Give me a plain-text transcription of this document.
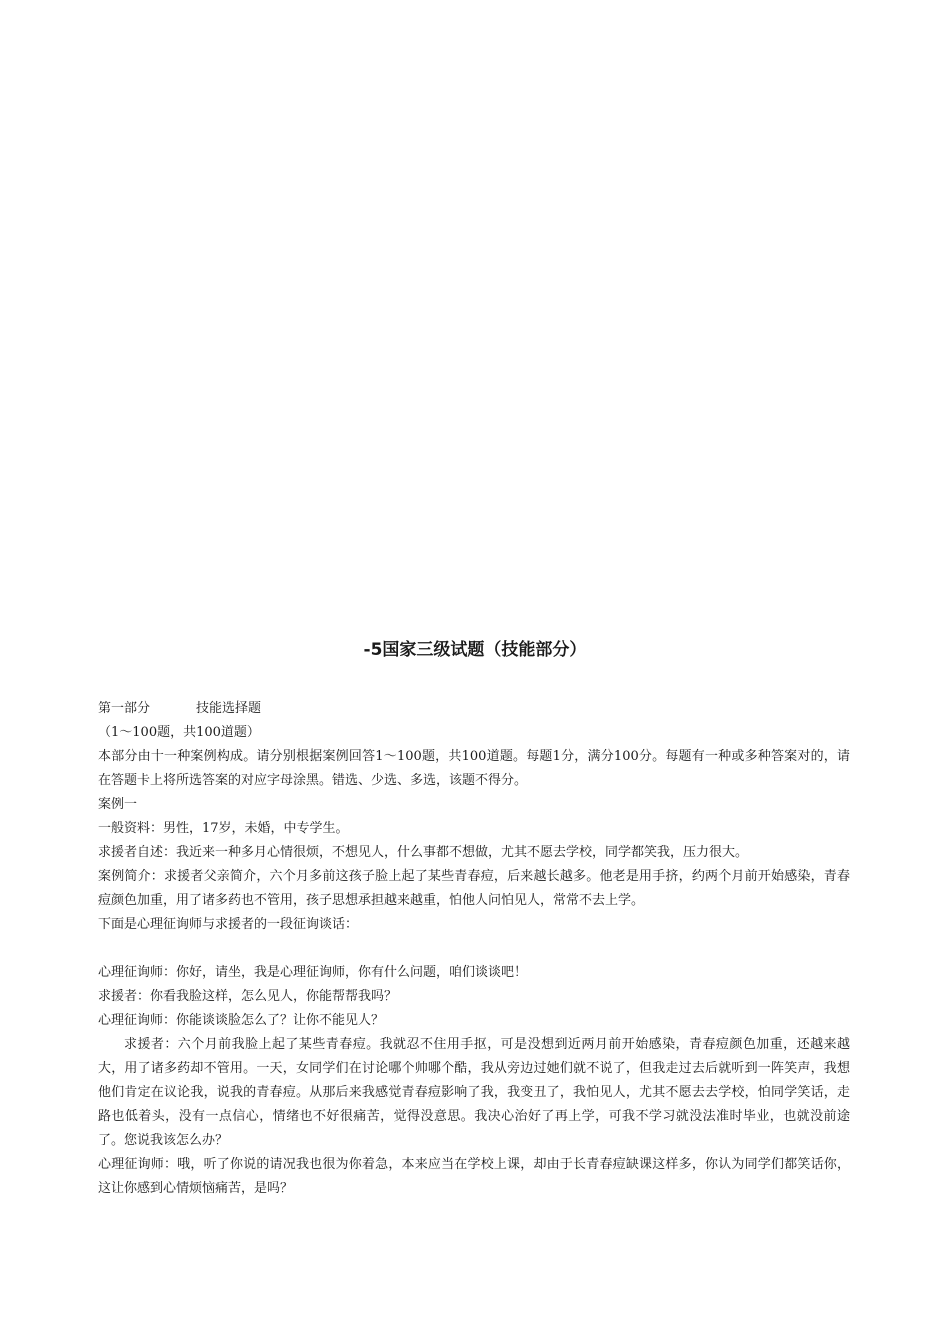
-5国家三级试题（技能部分）

第一部分	技能选择题

（1～100题，共100道题）

本部分由十一种案例构成。请分别根据案例回答1～100题，共100道题。每题1分，满分100分。每题有一种或多种答案对的，请在答题卡上将所选答案的对应字母涂黑。错选、少选、多选，该题不得分。

案例一

一般资料：男性，17岁，未婚，中专学生。

求援者自述：我近来一种多月心情很烦，不想见人，什么事都不想做，尤其不愿去学校，同学都笑我，压力很大。

案例简介：求援者父亲简介，六个月多前这孩子脸上起了某些青春痘，后来越长越多。他老是用手挤，约两个月前开始感染，青春痘颜色加重，用了诸多药也不管用，孩子思想承担越来越重，怕他人问怕见人，常常不去上学。

下面是心理征询师与求援者的一段征询谈话：

心理征询师：你好，请坐，我是心理征询师，你有什么问题，咱们谈谈吧！

求援者：你看我脸这样，怎么见人，你能帮帮我吗？

心理征询师：你能谈谈脸怎么了？让你不能见人？

求援者：六个月前我脸上起了某些青春痘。我就忍不住用手抠，可是没想到近两月前开始感染，青春痘颜色加重，还越来越大，用了诸多药却不管用。一天，女同学们在讨论哪个帅哪个酷，我从旁边过她们就不说了，但我走过去后就听到一阵笑声，我想他们肯定在议论我，说我的青春痘。从那后来我感觉青春痘影响了我，我变丑了，我怕见人，尤其不愿去去学校，怕同学笑话，走路也低着头，没有一点信心，情绪也不好很痛苦，觉得没意思。我决心治好了再上学，可我不学习就没法准时毕业，也就没前途了。您说我该怎么办？

心理征询师：哦，听了你说的请况我也很为你着急，本来应当在学校上课，却由于长青春痘缺课这样多，你认为同学们都笑话你，这让你感到心情烦恼痛苦，是吗？
